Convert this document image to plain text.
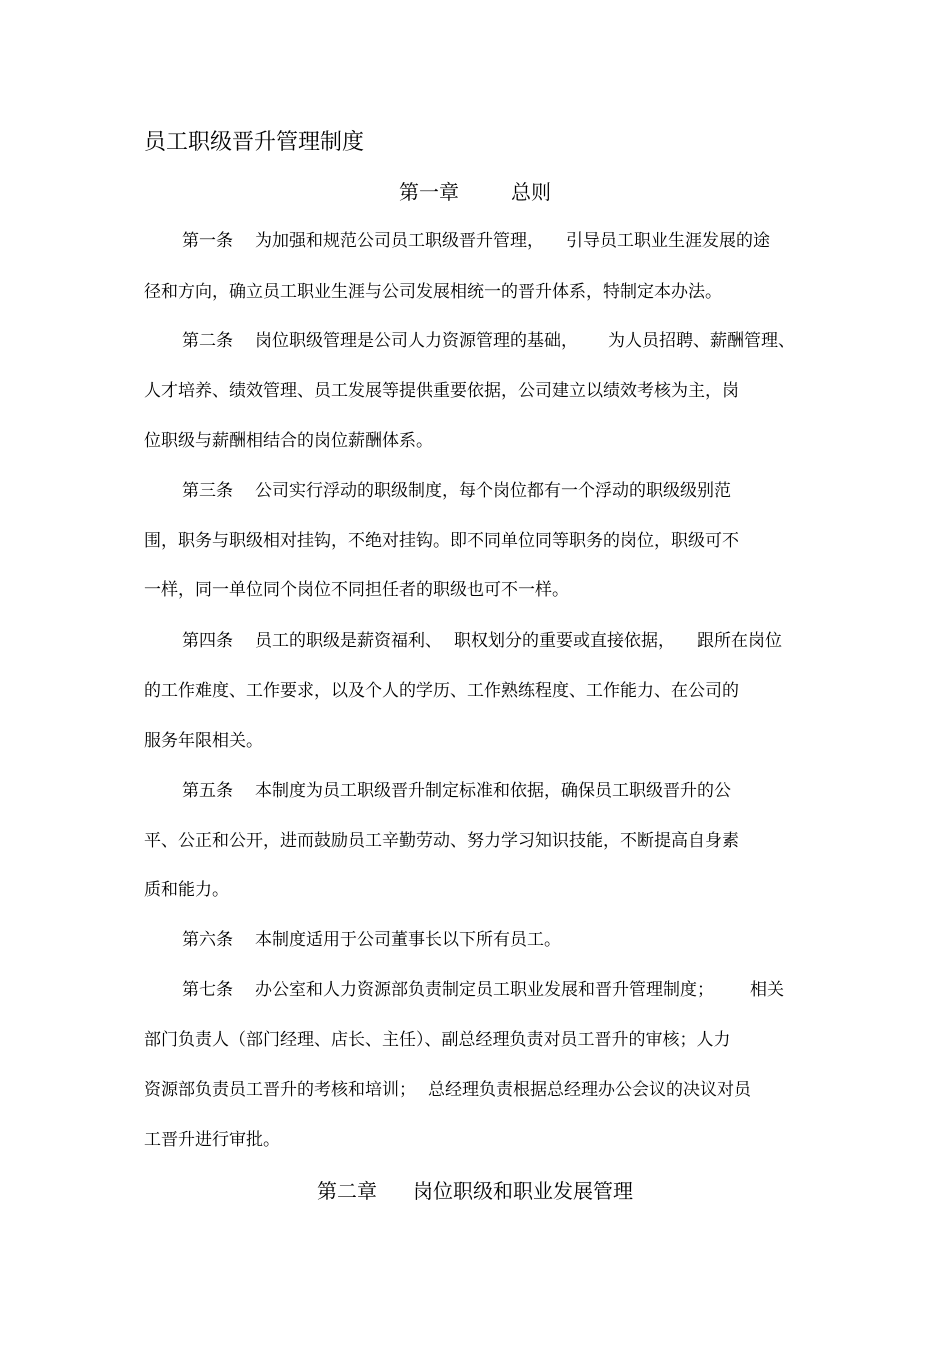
员工职级晋升管理制度
第一章	总则
第一条 为加强和规范公司员工职级晋升管理， 引导员工职业生涯发展的途
径和方向，确立员工职业生涯与公司发展相统一的晋升体系，特制定本办法。
第二条 岗位职级管理是公司人力资源管理的基础， 为人员招聘、薪酬管理、
人才培养、绩效管理、员工发展等提供重要依据，公司建立以绩效考核为主，岗
位职级与薪酬相结合的岗位薪酬体系。
第三条 公司实行浮动的职级制度，每个岗位都有一个浮动的职级级别范
围，职务与职级相对挂钩，不绝对挂钩。即不同单位同等职务的岗位，职级可不
一样，同一单位同个岗位不同担任者的职级也可不一样。
第四条 员工的职级是薪资福利、 职权划分的重要或直接依据， 跟所在岗位
的工作难度、工作要求，以及个人的学历、工作熟练程度、工作能力、在公司的
服务年限相关。
第五条 本制度为员工职级晋升制定标准和依据，确保员工职级晋升的公
平、公正和公开，进而鼓励员工辛勤劳动、努力学习知识技能，不断提高自身素
质和能力。
第六条 本制度适用于公司董事长以下所有员工。
第七条 办公室和人力资源部负责制定员工职业发展和晋升管理制度； 相关
部门负责人（部门经理、店长、主任）、副总经理负责对员工晋升的审核；人力
资源部负责员工晋升的考核和培训； 总经理负责根据总经理办公会议的决议对员
工晋升进行审批。
第二章 岗位职级和职业发展管理
